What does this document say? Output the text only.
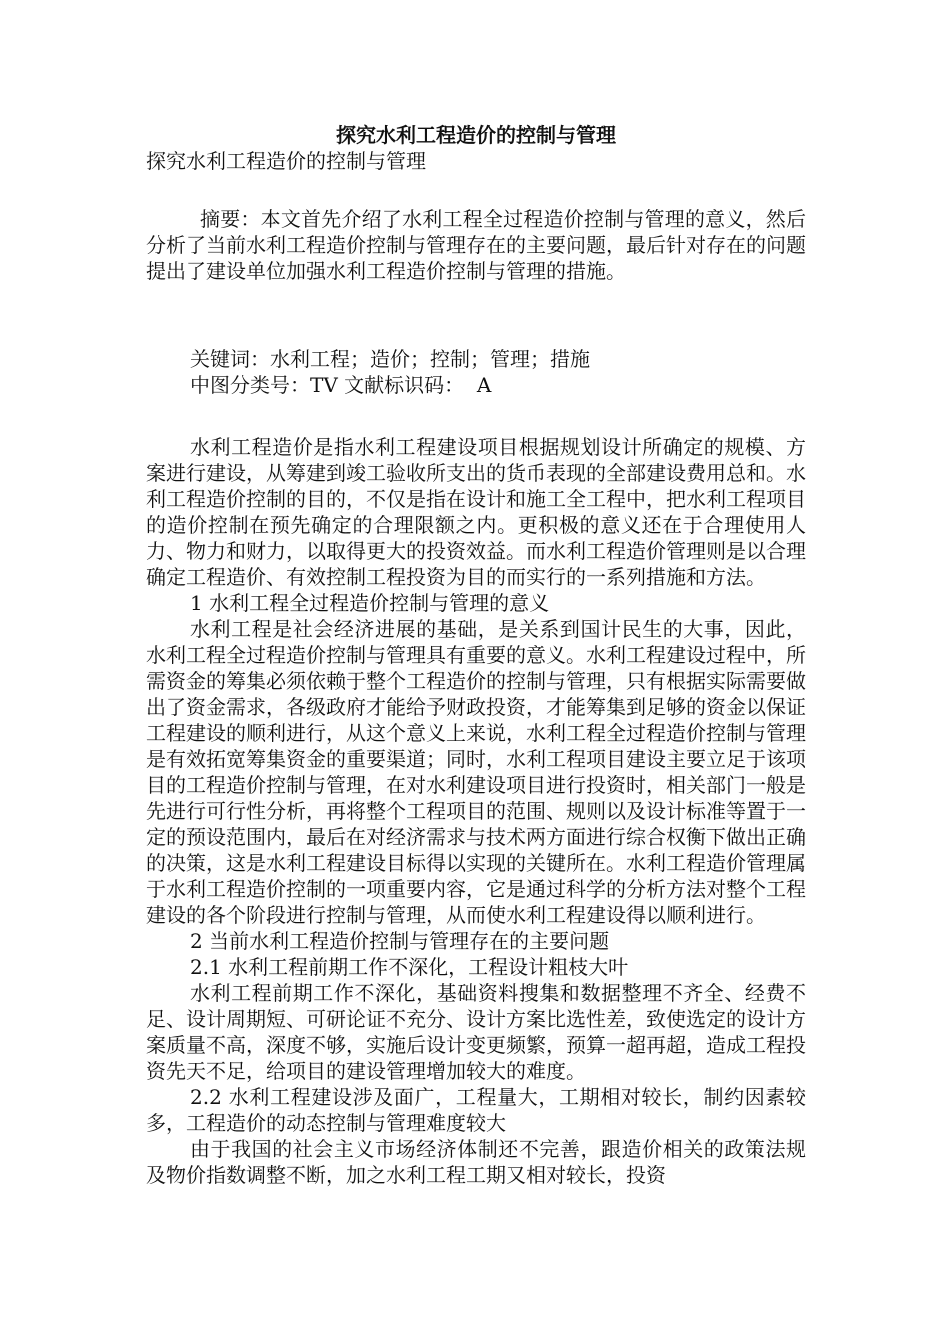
探究水利工程造价的控制与管理

探究水利工程造价的控制与管理

摘要：本文首先介绍了水利工程全过程造价控制与管理的意义，然后分析了当前水利工程造价控制与管理存在的主要问题，最后针对存在的问题提出了建设单位加强水利工程造价控制与管理的措施。

关键词：水利工程；造价；控制；管理；措施

中图分类号：TV 文献标识码：  A

水利工程造价是指水利工程建设项目根据规划设计所确定的规模、方案进行建设，从筹建到竣工验收所支出的货币表现的全部建设费用总和。水利工程造价控制的目的，不仅是指在设计和施工全工程中，把水利工程项目的造价控制在预先确定的合理限额之内。更积极的意义还在于合理使用人力、物力和财力，以取得更大的投资效益。而水利工程造价管理则是以合理确定工程造价、有效控制工程投资为目的而实行的一系列措施和方法。

1 水利工程全过程造价控制与管理的意义

水利工程是社会经济进展的基础，是关系到国计民生的大事，因此，水利工程全过程造价控制与管理具有重要的意义。水利工程建设过程中，所需资金的筹集必须依赖于整个工程造价的控制与管理，只有根据实际需要做出了资金需求，各级政府才能给予财政投资，才能筹集到足够的资金以保证工程建设的顺利进行，从这个意义上来说，水利工程全过程造价控制与管理是有效拓宽筹集资金的重要渠道；同时，水利工程项目建设主要立足于该项目的工程造价控制与管理，在对水利建设项目进行投资时，相关部门一般是先进行可行性分析，再将整个工程项目的范围、规则以及设计标准等置于一定的预设范围内，最后在对经济需求与技术两方面进行综合权衡下做出正确的决策，这是水利工程建设目标得以实现的关键所在。水利工程造价管理属于水利工程造价控制的一项重要内容，它是通过科学的分析方法对整个工程建设的各个阶段进行控制与管理，从而使水利工程建设得以顺利进行。

2 当前水利工程造价控制与管理存在的主要问题

2.1 水利工程前期工作不深化，工程设计粗枝大叶

水利工程前期工作不深化，基础资料搜集和数据整理不齐全、经费不足、设计周期短、可研论证不充分、设计方案比选性差，致使选定的设计方案质量不高，深度不够，实施后设计变更频繁，预算一超再超，造成工程投资先天不足，给项目的建设管理增加较大的难度。

2.2 水利工程建设涉及面广，工程量大，工期相对较长，制约因素较多，工程造价的动态控制与管理难度较大

由于我国的社会主义市场经济体制还不完善，跟造价相关的政策法规及物价指数调整不断，加之水利工程工期又相对较长，投资
